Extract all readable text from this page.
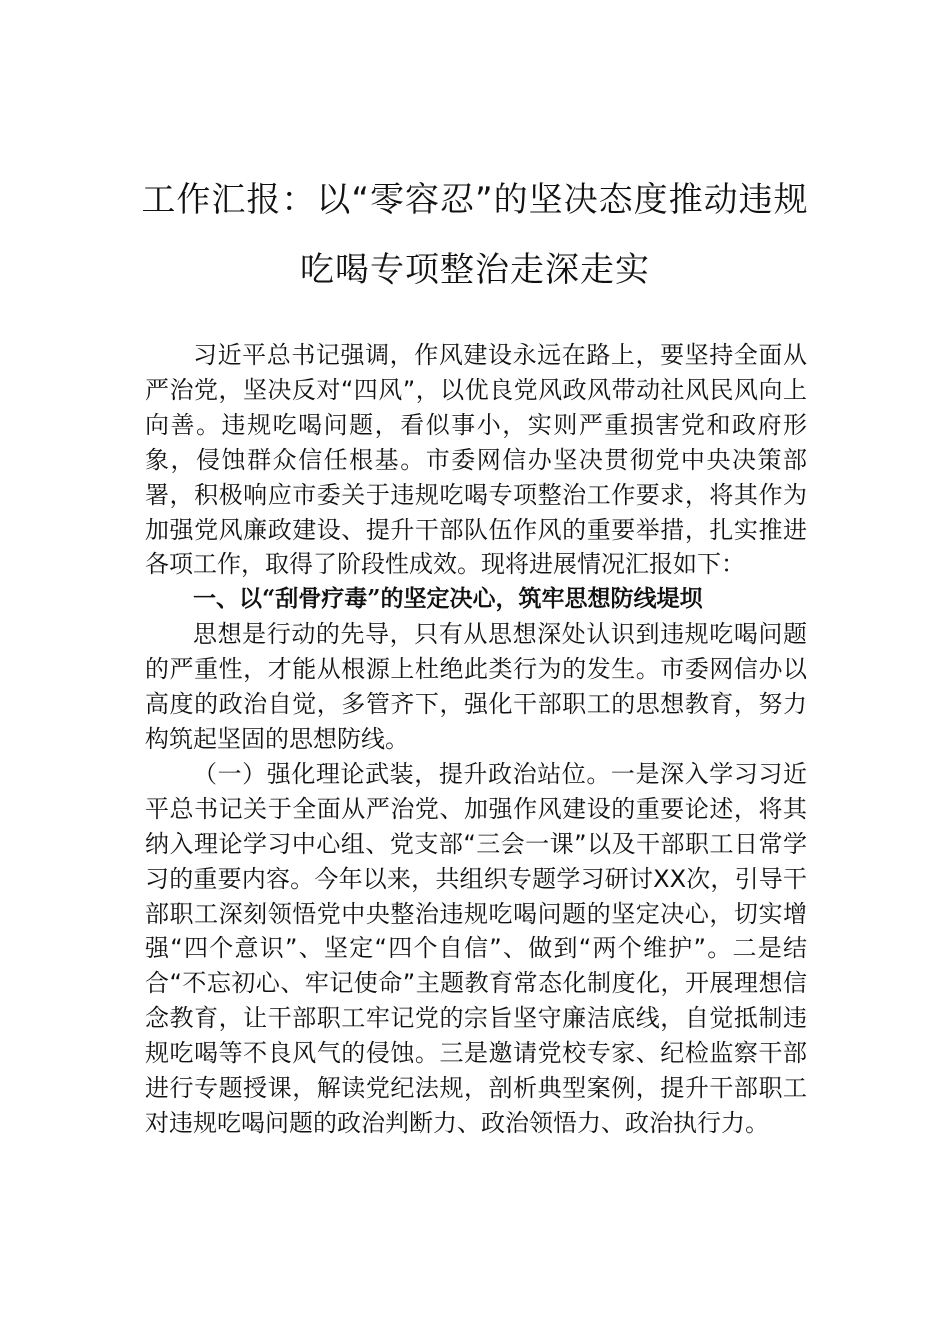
工作汇报：以“零容忍”的坚决态度推动违规
吃喝专项整治走深走实

习近平总书记强调，作风建设永远在路上，要坚持全面从严治党，坚决反对“四风”，以优良党风政风带动社风民风向上向善。违规吃喝问题，看似事小，实则严重损害党和政府形象，侵蚀群众信任根基。市委网信办坚决贯彻党中央决策部署，积极响应市委关于违规吃喝专项整治工作要求，将其作为加强党风廉政建设、提升干部队伍作风的重要举措，扎实推进各项工作，取得了阶段性成效。现将进展情况汇报如下：

一、以“刮骨疗毒”的坚定决心，筑牢思想防线堤坝

思想是行动的先导，只有从思想深处认识到违规吃喝问题的严重性，才能从根源上杜绝此类行为的发生。市委网信办以高度的政治自觉，多管齐下，强化干部职工的思想教育，努力构筑起坚固的思想防线。

（一）强化理论武装，提升政治站位。一是深入学习习近平总书记关于全面从严治党、加强作风建设的重要论述，将其纳入理论学习中心组、党支部“三会一课”以及干部职工日常学习的重要内容。今年以来，共组织专题学习研讨XX次，引导干部职工深刻领悟党中央整治违规吃喝问题的坚定决心，切实增强“四个意识”、坚定“四个自信”、做到“两个维护”。二是结合“不忘初心、牢记使命”主题教育常态化制度化，开展理想信念教育，让干部职工牢记党的宗旨坚守廉洁底线，自觉抵制违规吃喝等不良风气的侵蚀。三是邀请党校专家、纪检监察干部进行专题授课，解读党纪法规，剖析典型案例，提升干部职工对违规吃喝问题的政治判断力、政治领悟力、政治执行力。
